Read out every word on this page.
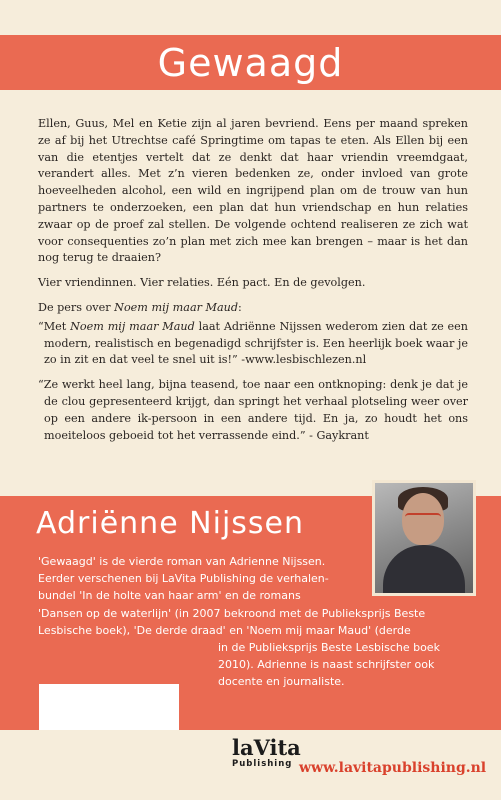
Gewaagd

Ellen, Guus, Mel en Ketie zijn al jaren bevriend. Eens per maand spreken ze af bij het Utrechtse café Springtime om tapas te eten. Als Ellen bij een van die etentjes vertelt dat ze denkt dat haar vriendin vreemdgaat, verandert alles. Met z’n vieren bedenken ze, onder invloed van grote hoeveelheden alcohol, een wild en ingrijpend plan om de trouw van hun partners te onderzoeken, een plan dat hun vriendschap en hun relaties zwaar op de proef zal stellen. De volgende ochtend realiseren ze zich wat voor consequenties zo’n plan met zich mee kan brengen – maar is het dan nog terug te draaien?

Vier vriendinnen. Vier relaties. Eén pact. En de gevolgen.

De pers over Noem mij maar Maud:

“Met Noem mij maar Maud laat Adriënne Nijssen wederom zien dat ze een modern, realistisch en begenadigd schrijfster is. Een heerlijk boek waar je zo in zit en dat veel te snel uit is!” -www.lesbischlezen.nl

“Ze werkt heel lang, bijna teasend, toe naar een ontknoping: denk je dat je de clou gepresenteerd krijgt, dan springt het verhaal plotseling weer over op een andere ik-persoon in een andere tijd. En ja, zo houdt het ons moeiteloos geboeid tot het verrassende eind.” - Gaykrant

Adriënne Nijssen
'Gewaagd' is de vierde roman van Adrienne Nijssen.
Eerder verschenen bij LaVita Publishing de verhalen-
bundel 'In de holte van haar arm' en de romans
'Dansen op de waterlijn' (in 2007 bekroond met de Publieksprijs Beste
Lesbische boek), 'De derde draad' en 'Noem mij maar Maud' (derde
in de Publieksprijs Beste Lesbische boek
2010). Adrienne is naast schrijfster ook
docente en journaliste.
laVita
Publishing www.lavitapublishing.nl
